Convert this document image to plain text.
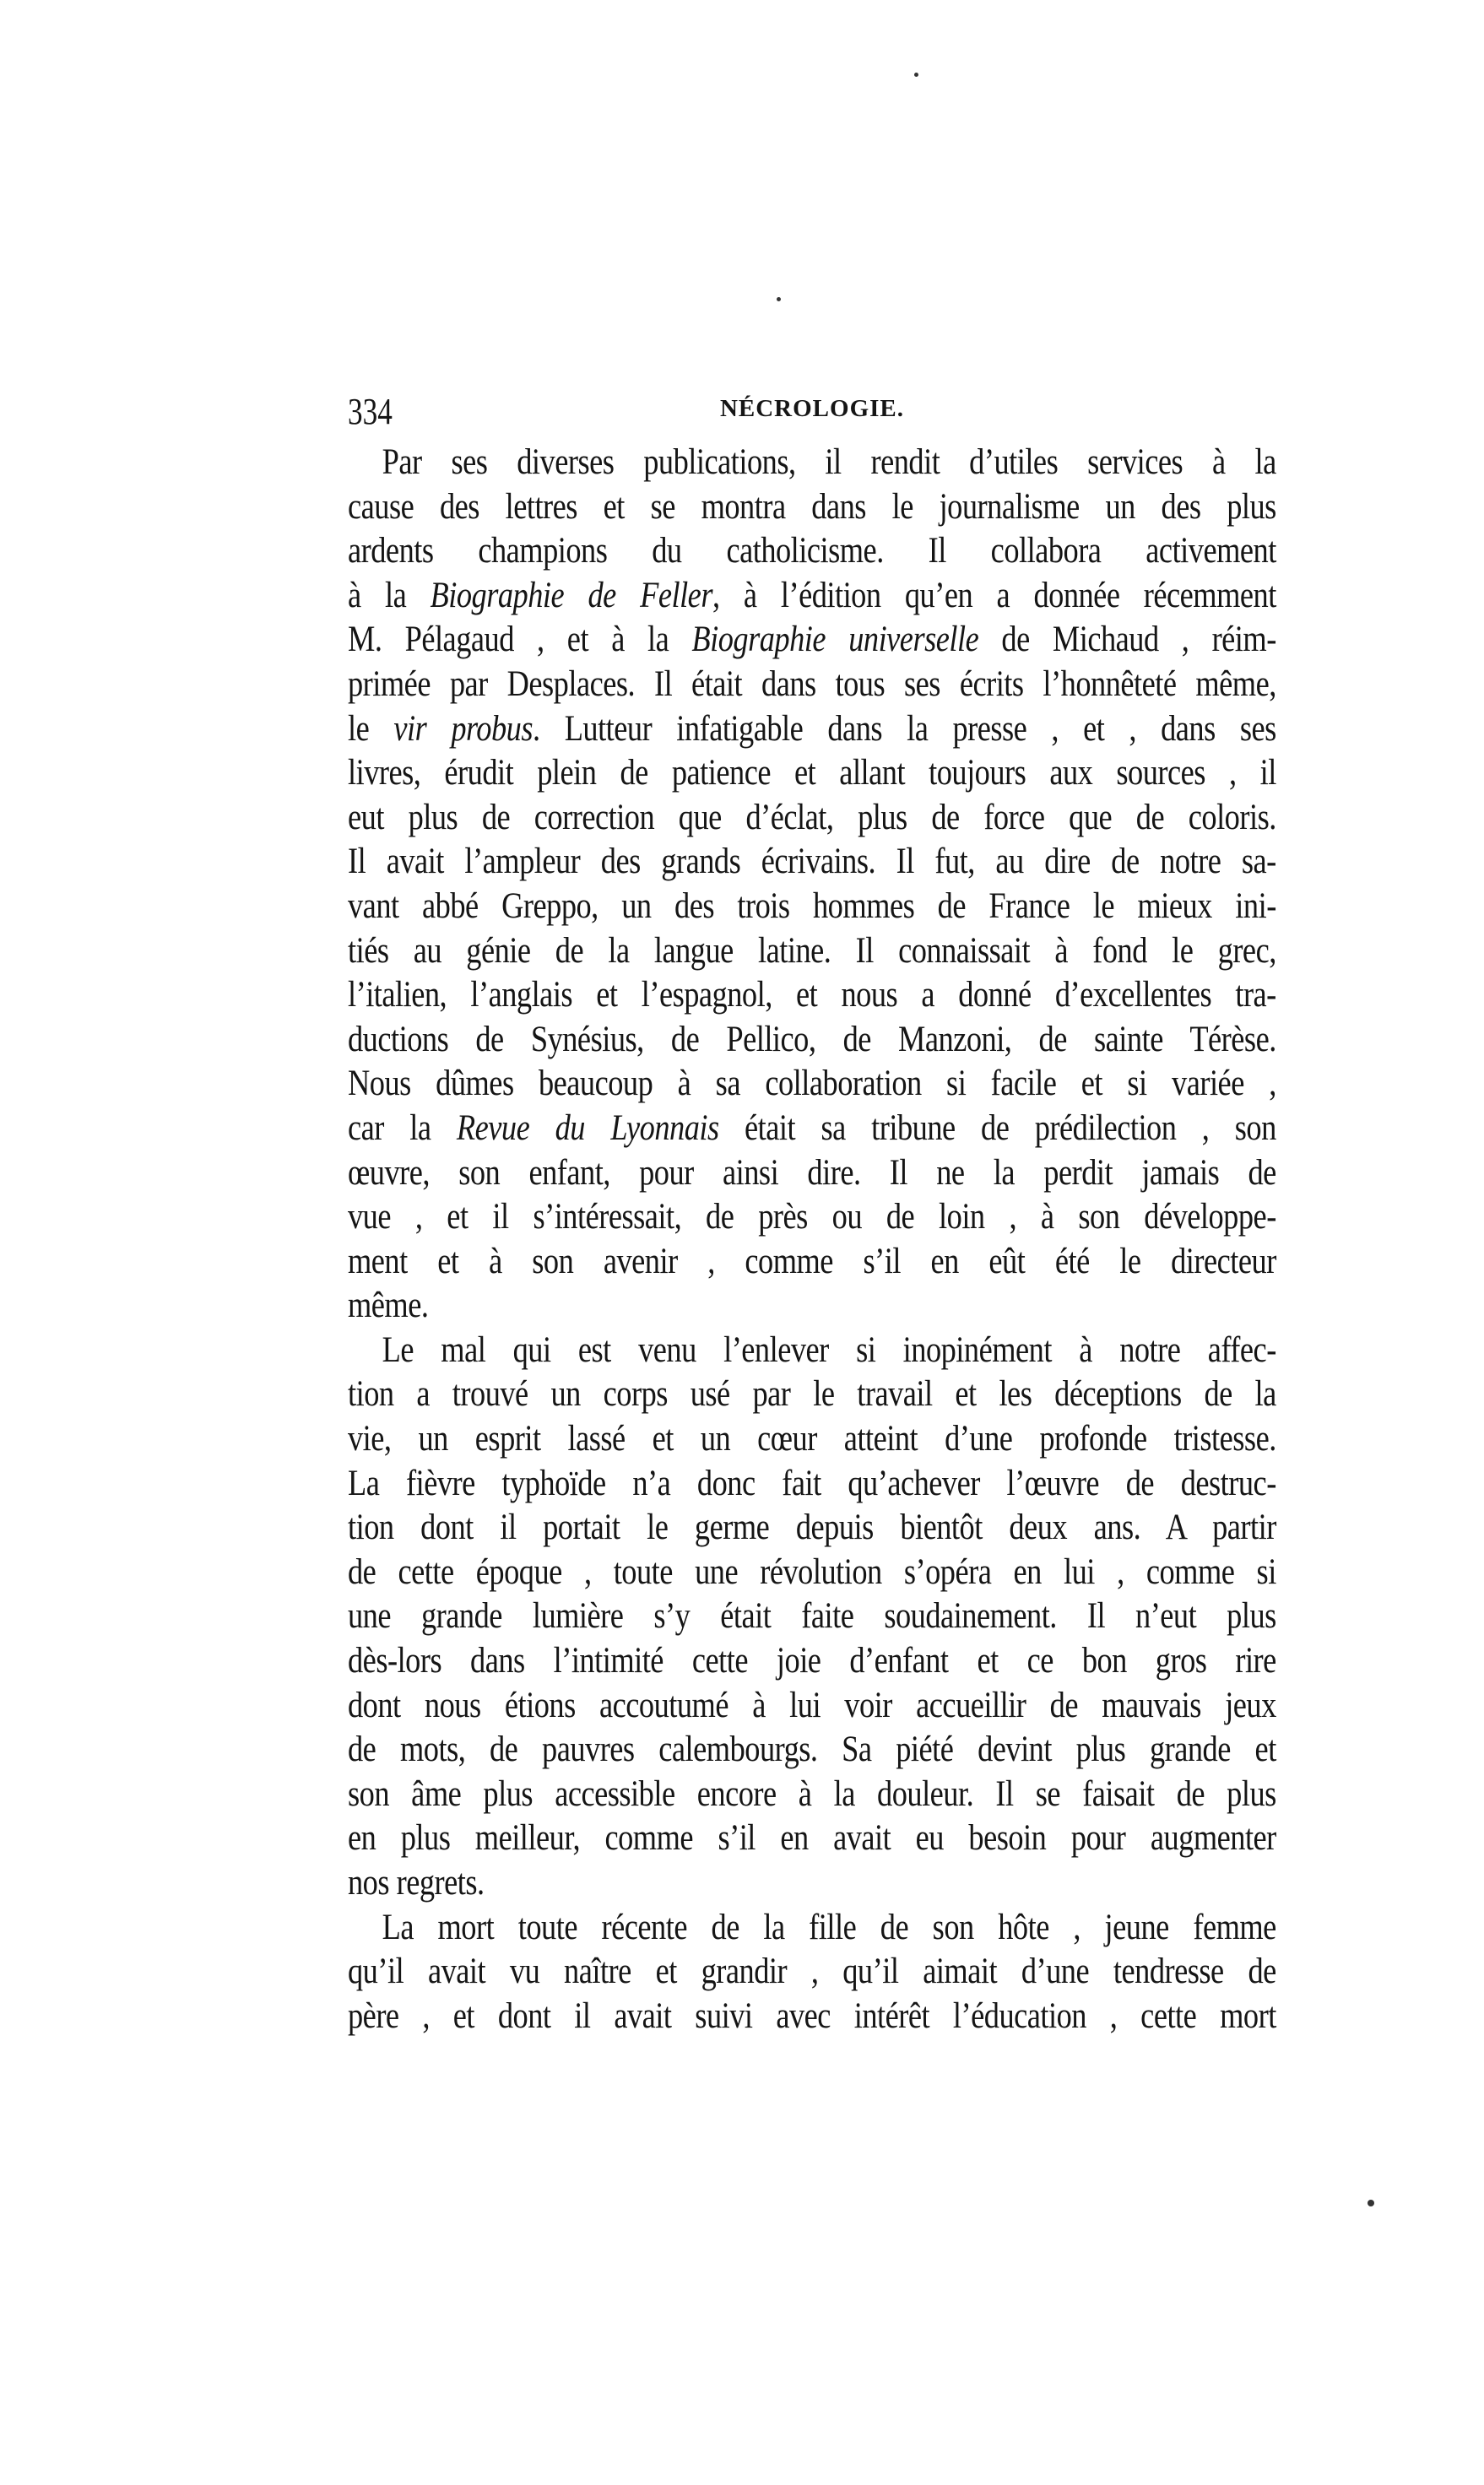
334	NÉCROLOGIE.
Par ses diverses publications, il rendit d’utiles services à la
cause des lettres et se montra dans le journalisme un des plus
ardents champions du catholicisme. Il collabora activement
à la Biographie de Feller, à l’édition qu’en a donnée récemment
M. Pélagaud , et à la Biographie universelle de Michaud , réim-
primée par Desplaces. Il était dans tous ses écrits l’honnêteté même,
le vir probus. Lutteur infatigable dans la presse , et , dans ses
livres, érudit plein de patience et allant toujours aux sources , il
eut plus de correction que d’éclat, plus de force que de coloris.
Il avait l’ampleur des grands écrivains. Il fut, au dire de notre sa-
vant abbé Greppo, un des trois hommes de France le mieux ini-
tiés au génie de la langue latine. Il connaissait à fond le grec,
l’italien, l’anglais et l’espagnol, et nous a donné d’excellentes tra-
ductions de Synésius, de Pellico, de Manzoni, de sainte Térèse.
Nous dûmes beaucoup à sa collaboration si facile et si variée ,
car la Revue du Lyonnais était sa tribune de prédilection , son
œuvre, son enfant, pour ainsi dire. Il ne la perdit jamais de
vue , et il s’intéressait, de près ou de loin , à son développe-
ment et à son avenir , comme s’il en eût été le directeur
même.
Le mal qui est venu l’enlever si inopinément à notre affec-
tion a trouvé un corps usé par le travail et les déceptions de la
vie, un esprit lassé et un cœur atteint d’une profonde tristesse.
La fièvre typhoïde n’a donc fait qu’achever l’œuvre de destruc-
tion dont il portait le germe depuis bientôt deux ans. A partir
de cette époque , toute une révolution s’opéra en lui , comme si
une grande lumière s’y était faite soudainement. Il n’eut plus
dès-lors dans l’intimité cette joie d’enfant et ce bon gros rire
dont nous étions accoutumé à lui voir accueillir de mauvais jeux
de mots, de pauvres calembourgs. Sa piété devint plus grande et
son âme plus accessible encore à la douleur. Il se faisait de plus
en plus meilleur, comme s’il en avait eu besoin pour augmenter
nos regrets.
La mort toute récente de la fille de son hôte , jeune femme
qu’il avait vu naître et grandir , qu’il aimait d’une tendresse de
père , et dont il avait suivi avec intérêt l’éducation , cette mort
